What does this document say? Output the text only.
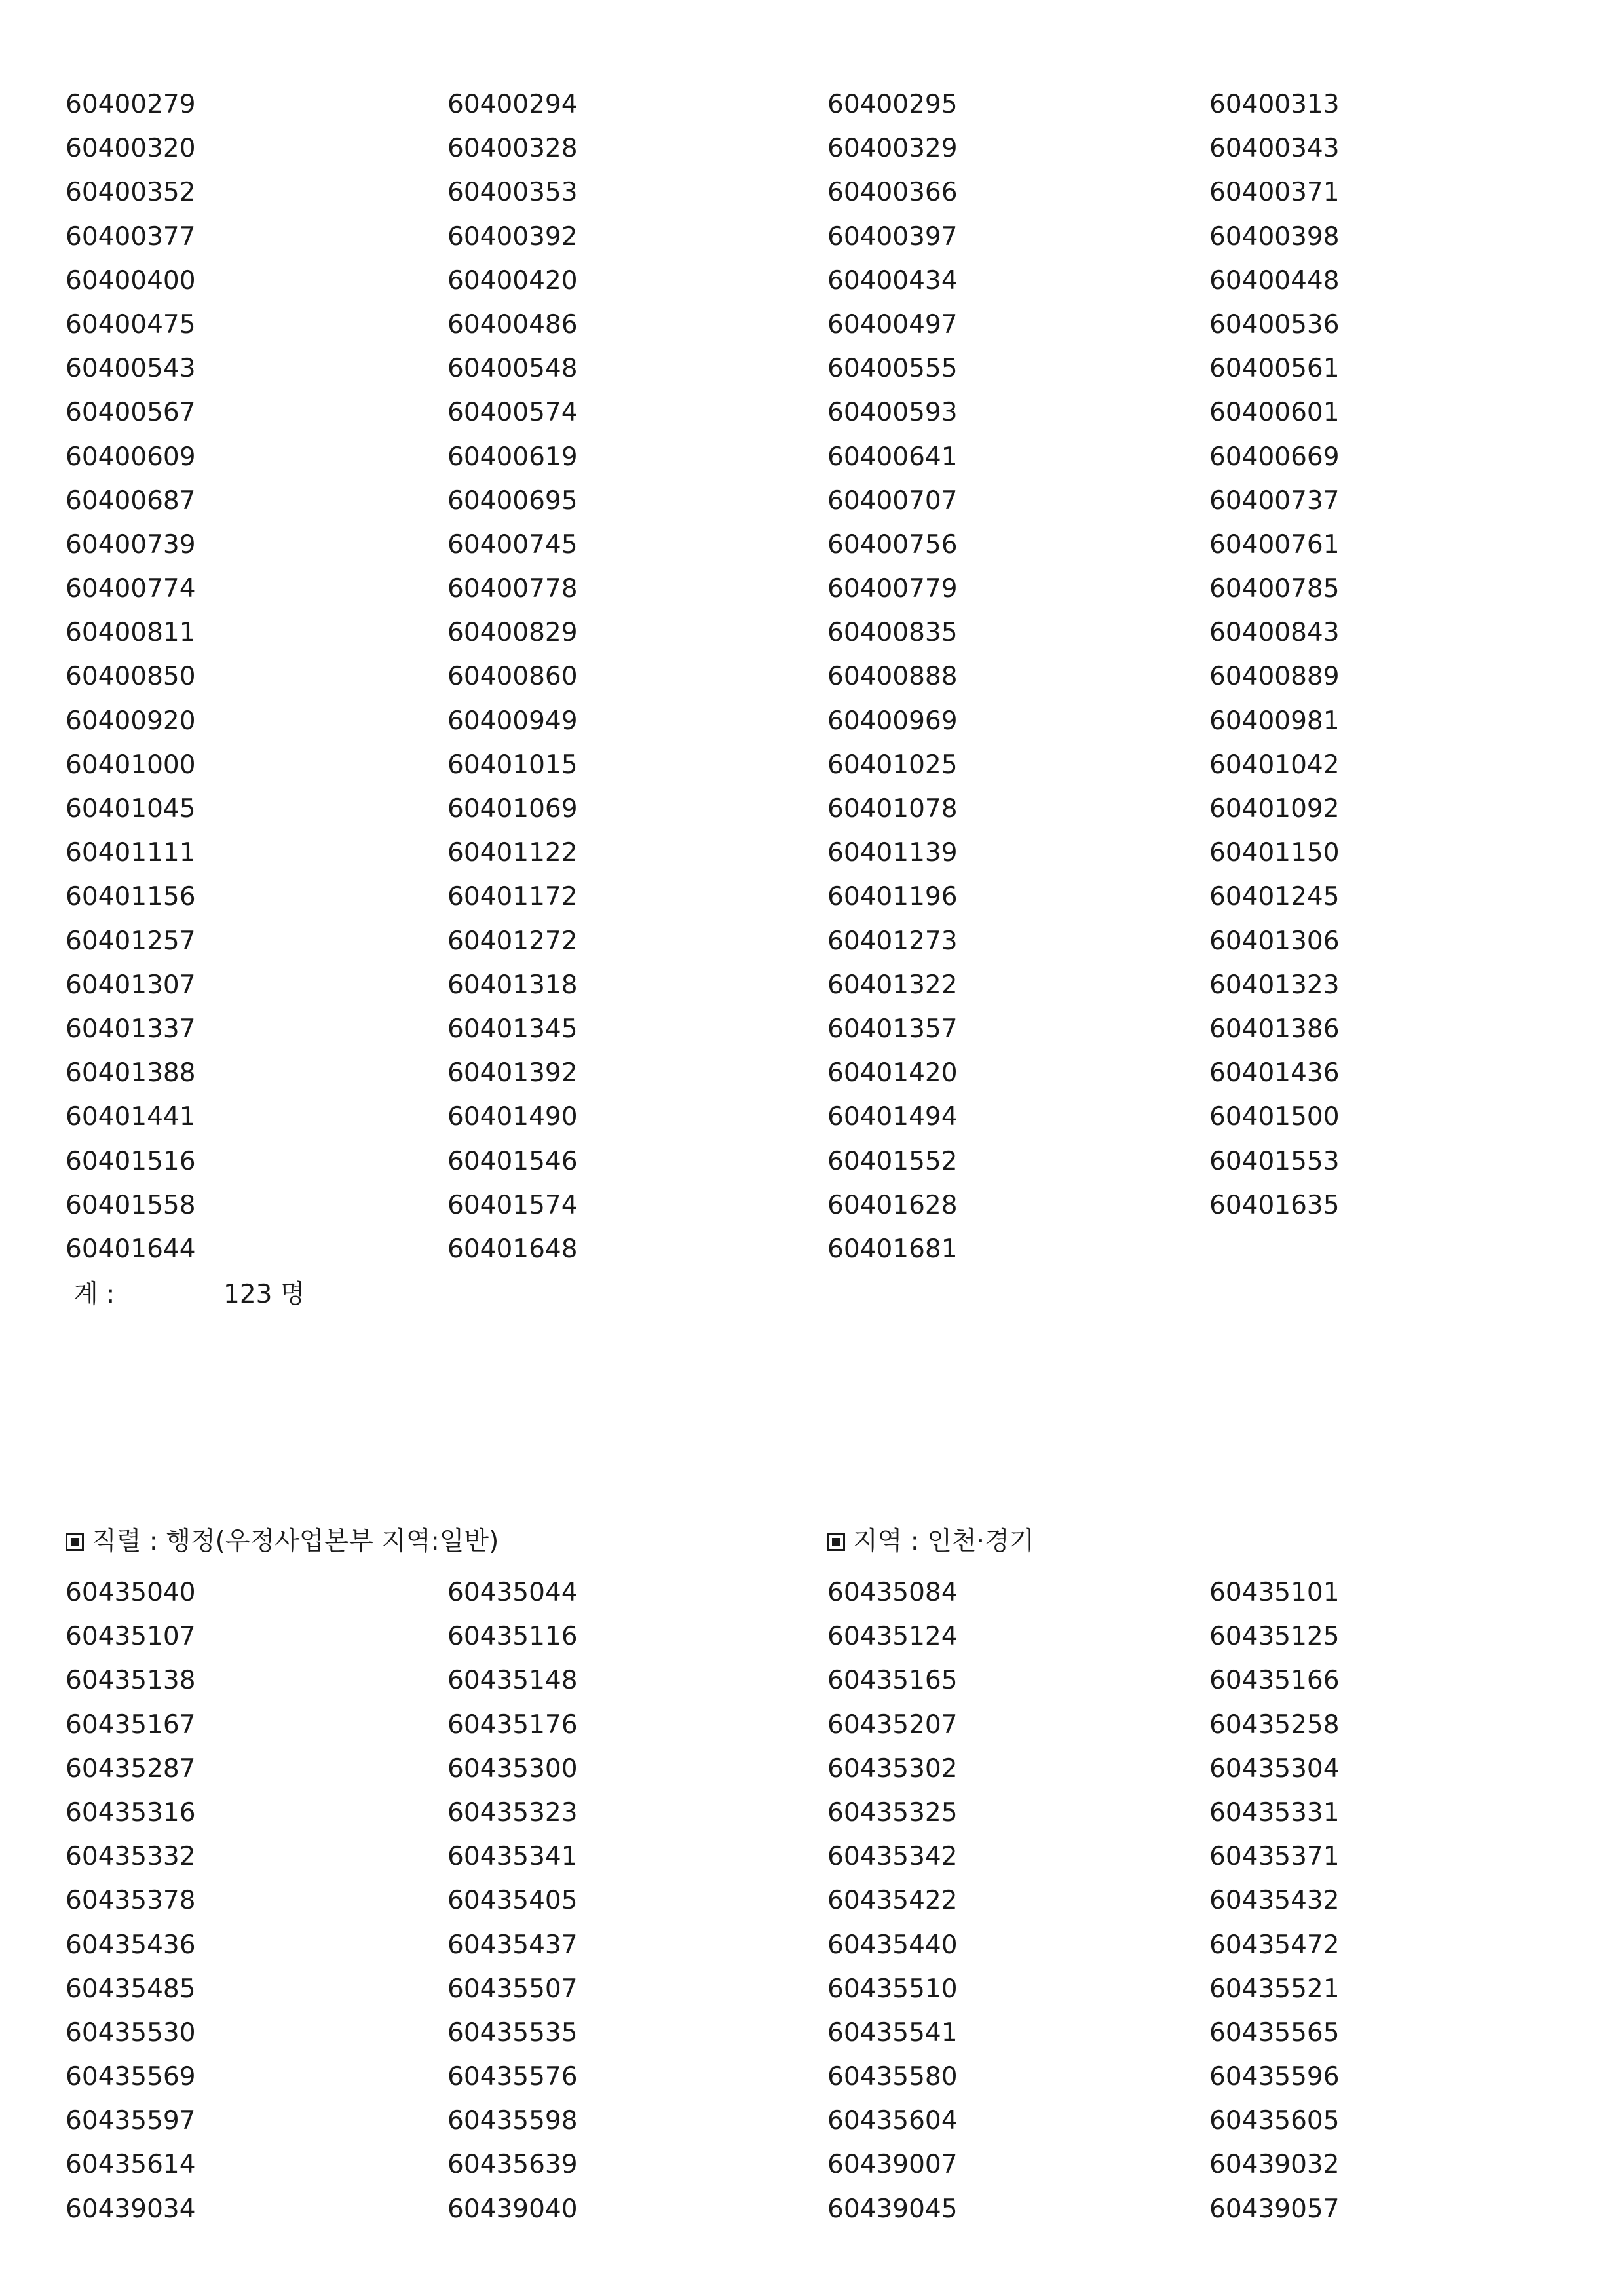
60400279	60400294	60400295	60400313
60400320	60400328	60400329	60400343
60400352	60400353	60400366	60400371
60400377	60400392	60400397	60400398
60400400	60400420	60400434	60400448
60400475	60400486	60400497	60400536
60400543	60400548	60400555	60400561
60400567	60400574	60400593	60400601
60400609	60400619	60400641	60400669
60400687	60400695	60400707	60400737
60400739	60400745	60400756	60400761
60400774	60400778	60400779	60400785
60400811	60400829	60400835	60400843
60400850	60400860	60400888	60400889
60400920	60400949	60400969	60400981
60401000	60401015	60401025	60401042
60401045	60401069	60401078	60401092
60401111	60401122	60401139	60401150
60401156	60401172	60401196	60401245
60401257	60401272	60401273	60401306
60401307	60401318	60401322	60401323
60401337	60401345	60401357	60401386
60401388	60401392	60401420	60401436
60401441	60401490	60401494	60401500
60401516	60401546	60401552	60401553
60401558	60401574	60401628	60401635
60401644	60401648	60401681
계 :	123 명
직렬 : 행정(우정사업본부 지역:일반)	지역 : 인천·경기
60435040	60435044	60435084	60435101
60435107	60435116	60435124	60435125
60435138	60435148	60435165	60435166
60435167	60435176	60435207	60435258
60435287	60435300	60435302	60435304
60435316	60435323	60435325	60435331
60435332	60435341	60435342	60435371
60435378	60435405	60435422	60435432
60435436	60435437	60435440	60435472
60435485	60435507	60435510	60435521
60435530	60435535	60435541	60435565
60435569	60435576	60435580	60435596
60435597	60435598	60435604	60435605
60435614	60435639	60439007	60439032
60439034	60439040	60439045	60439057
